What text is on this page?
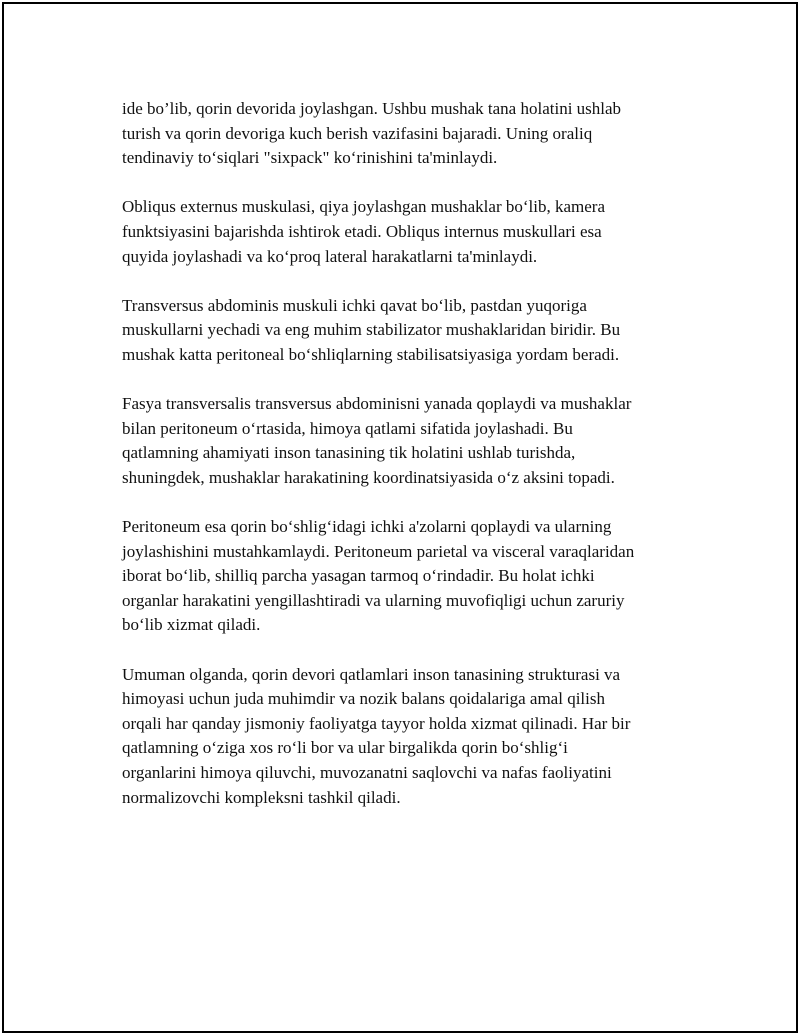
ide bo’lib, qorin devorida joylashgan. Ushbu mushak tana holatini ushlab
turish va qorin devoriga kuch berish vazifasini bajaradi. Uning oraliq
tendinaviy to‘siqlari "sixpack" ko‘rinishini ta'minlaydi.

Obliqus externus muskulasi, qiya joylashgan mushaklar bo‘lib, kamera
funktsiyasini bajarishda ishtirok etadi. Obliqus internus muskullari esa
quyida joylashadi va ko‘proq lateral harakatlarni ta'minlaydi.

Transversus abdominis muskuli ichki qavat bo‘lib, pastdan yuqoriga
muskullarni yechadi va eng muhim stabilizator mushaklaridan biridir. Bu
mushak katta peritoneal bo‘shliqlarning stabilisatsiyasiga yordam beradi.

Fasya transversalis transversus abdominisni yanada qoplaydi va mushaklar
bilan peritoneum o‘rtasida, himoya qatlami sifatida joylashadi. Bu
qatlamning ahamiyati inson tanasining tik holatini ushlab turishda,
shuningdek, mushaklar harakatining koordinatsiyasida o‘z aksini topadi.

Peritoneum esa qorin bo‘shlig‘idagi ichki a'zolarni qoplaydi va ularning
joylashishini mustahkamlaydi. Peritoneum parietal va visceral varaqlaridan
iborat bo‘lib, shilliq parcha yasagan tarmoq o‘rindadir. Bu holat ichki
organlar harakatini yengillashtiradi va ularning muvofiqligi uchun zaruriy
bo‘lib xizmat qiladi.

Umuman olganda, qorin devori qatlamlari inson tanasining strukturasi va
himoyasi uchun juda muhimdir va nozik balans qoidalariga amal qilish
orqali har qanday jismoniy faoliyatga tayyor holda xizmat qilinadi. Har bir
qatlamning o‘ziga xos ro‘li bor va ular birgalikda qorin bo‘shlig‘i
organlarini himoya qiluvchi, muvozanatni saqlovchi va nafas faoliyatini
normalizovchi kompleksni tashkil qiladi.
